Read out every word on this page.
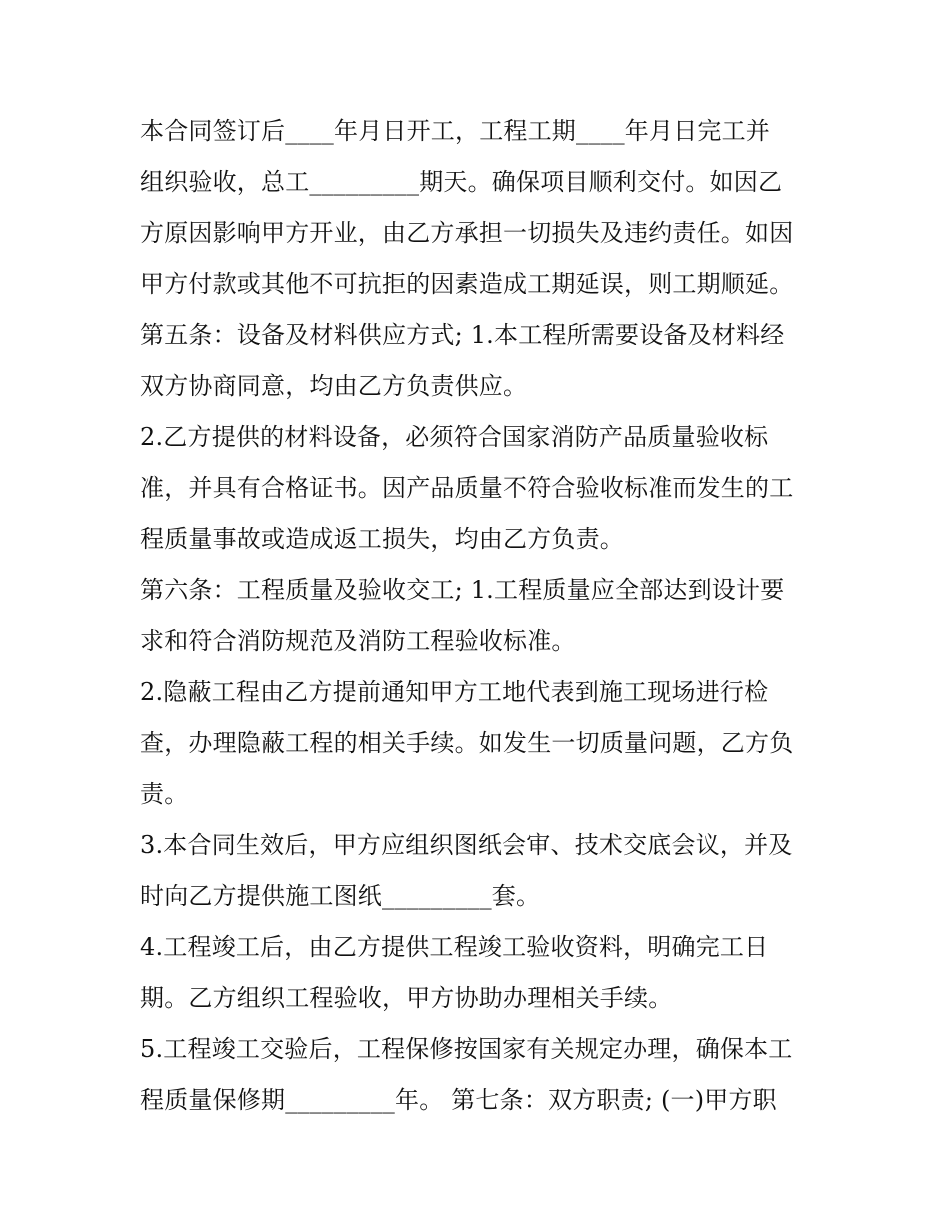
本合同签订后____年月日开工，工程工期____年月日完工并
组织验收，总工_________期天。确保项目顺利交付。如因乙
方原因影响甲方开业，由乙方承担一切损失及违约责任。如因
甲方付款或其他不可抗拒的因素造成工期延误，则工期顺延。
第五条：设备及材料供应方式; 1.本工程所需要设备及材料经
双方协商同意，均由乙方负责供应。
2.乙方提供的材料设备，必须符合国家消防产品质量验收标
准，并具有合格证书。因产品质量不符合验收标准而发生的工
程质量事故或造成返工损失，均由乙方负责。
第六条：工程质量及验收交工; 1.工程质量应全部达到设计要
求和符合消防规范及消防工程验收标准。
2.隐蔽工程由乙方提前通知甲方工地代表到施工现场进行检
查，办理隐蔽工程的相关手续。如发生一切质量问题，乙方负
责。
3.本合同生效后，甲方应组织图纸会审、技术交底会议，并及
时向乙方提供施工图纸_________套。
4.工程竣工后，由乙方提供工程竣工验收资料，明确完工日
期。乙方组织工程验收，甲方协助办理相关手续。
5.工程竣工交验后，工程保修按国家有关规定办理，确保本工
程质量保修期_________年。 第七条：双方职责; (一)甲方职
